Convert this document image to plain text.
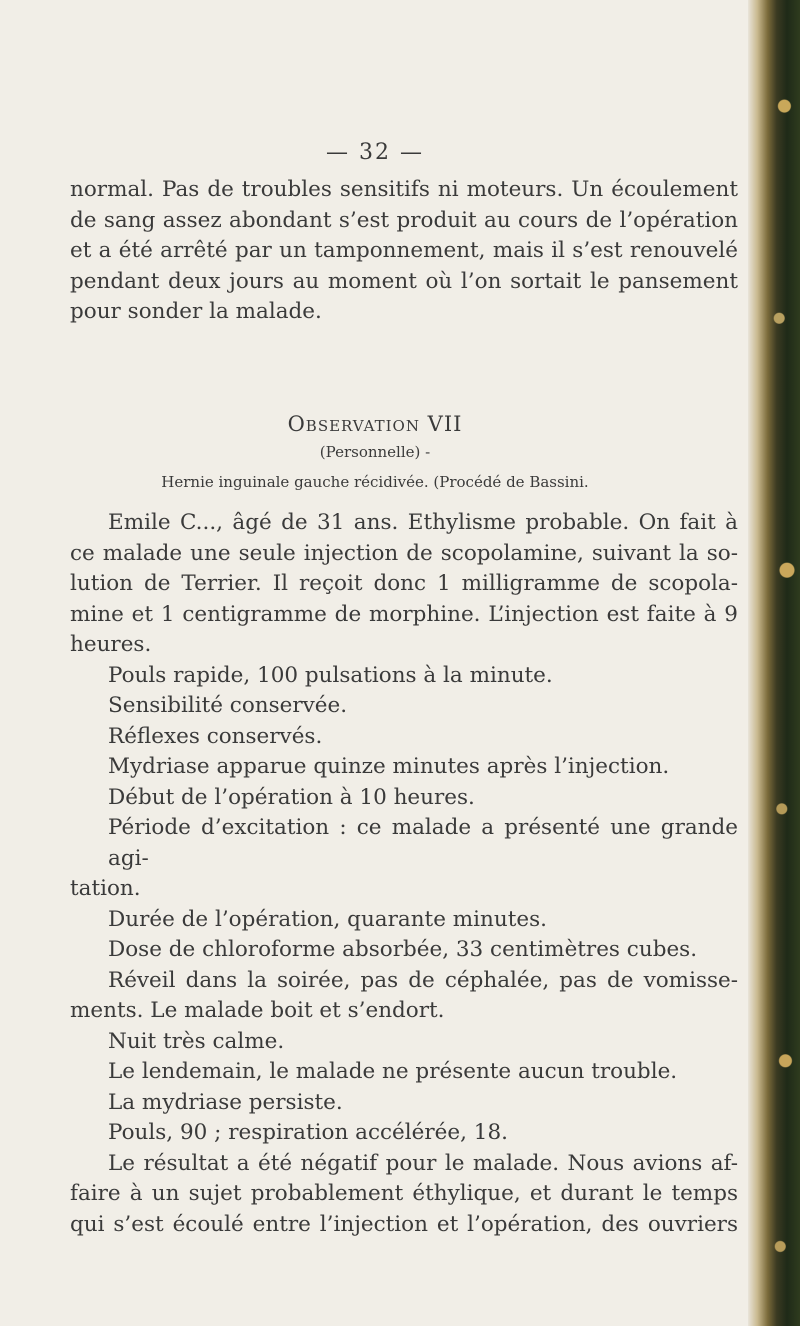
— 32 —

normal. Pas de troubles sensitifs ni moteurs. Un écoulement

de sang assez abondant s’est produit au cours de l’opération

et a été arrêté par un tamponnement, mais il s’est renouvelé

pendant deux jours au moment où l’on sortait le pansement

pour sonder la malade.

Observation VII
(Personnelle) -
Hernie inguinale gauche récidivée. (Procédé de Bassini.

Emile C..., âgé de 31 ans. Ethylisme probable. On fait à

ce malade une seule injection de scopolamine, suivant la so-

lution de Terrier. Il reçoit donc 1 milligramme de scopola-

mine et 1 centigramme de morphine. L’injection est faite à 9

heures.

Pouls rapide, 100 pulsations à la minute.

Sensibilité conservée.

Réflexes conservés.

Mydriase apparue quinze minutes après l’injection.

Début de l’opération à 10 heures.

Période d’excitation : ce malade a présenté une grande agi-

tation.

Durée de l’opération, quarante minutes.

Dose de chloroforme absorbée, 33 centimètres cubes.

Réveil dans la soirée, pas de céphalée, pas de vomisse-

ments. Le malade boit et s’endort.

Nuit très calme.

Le lendemain, le malade ne présente aucun trouble.

La mydriase persiste.

Pouls, 90 ; respiration accélérée, 18.

Le résultat a été négatif pour le malade. Nous avions af-

faire à un sujet probablement éthylique, et durant le temps

qui s’est écoulé entre l’injection et l’opération, des ouvriers
